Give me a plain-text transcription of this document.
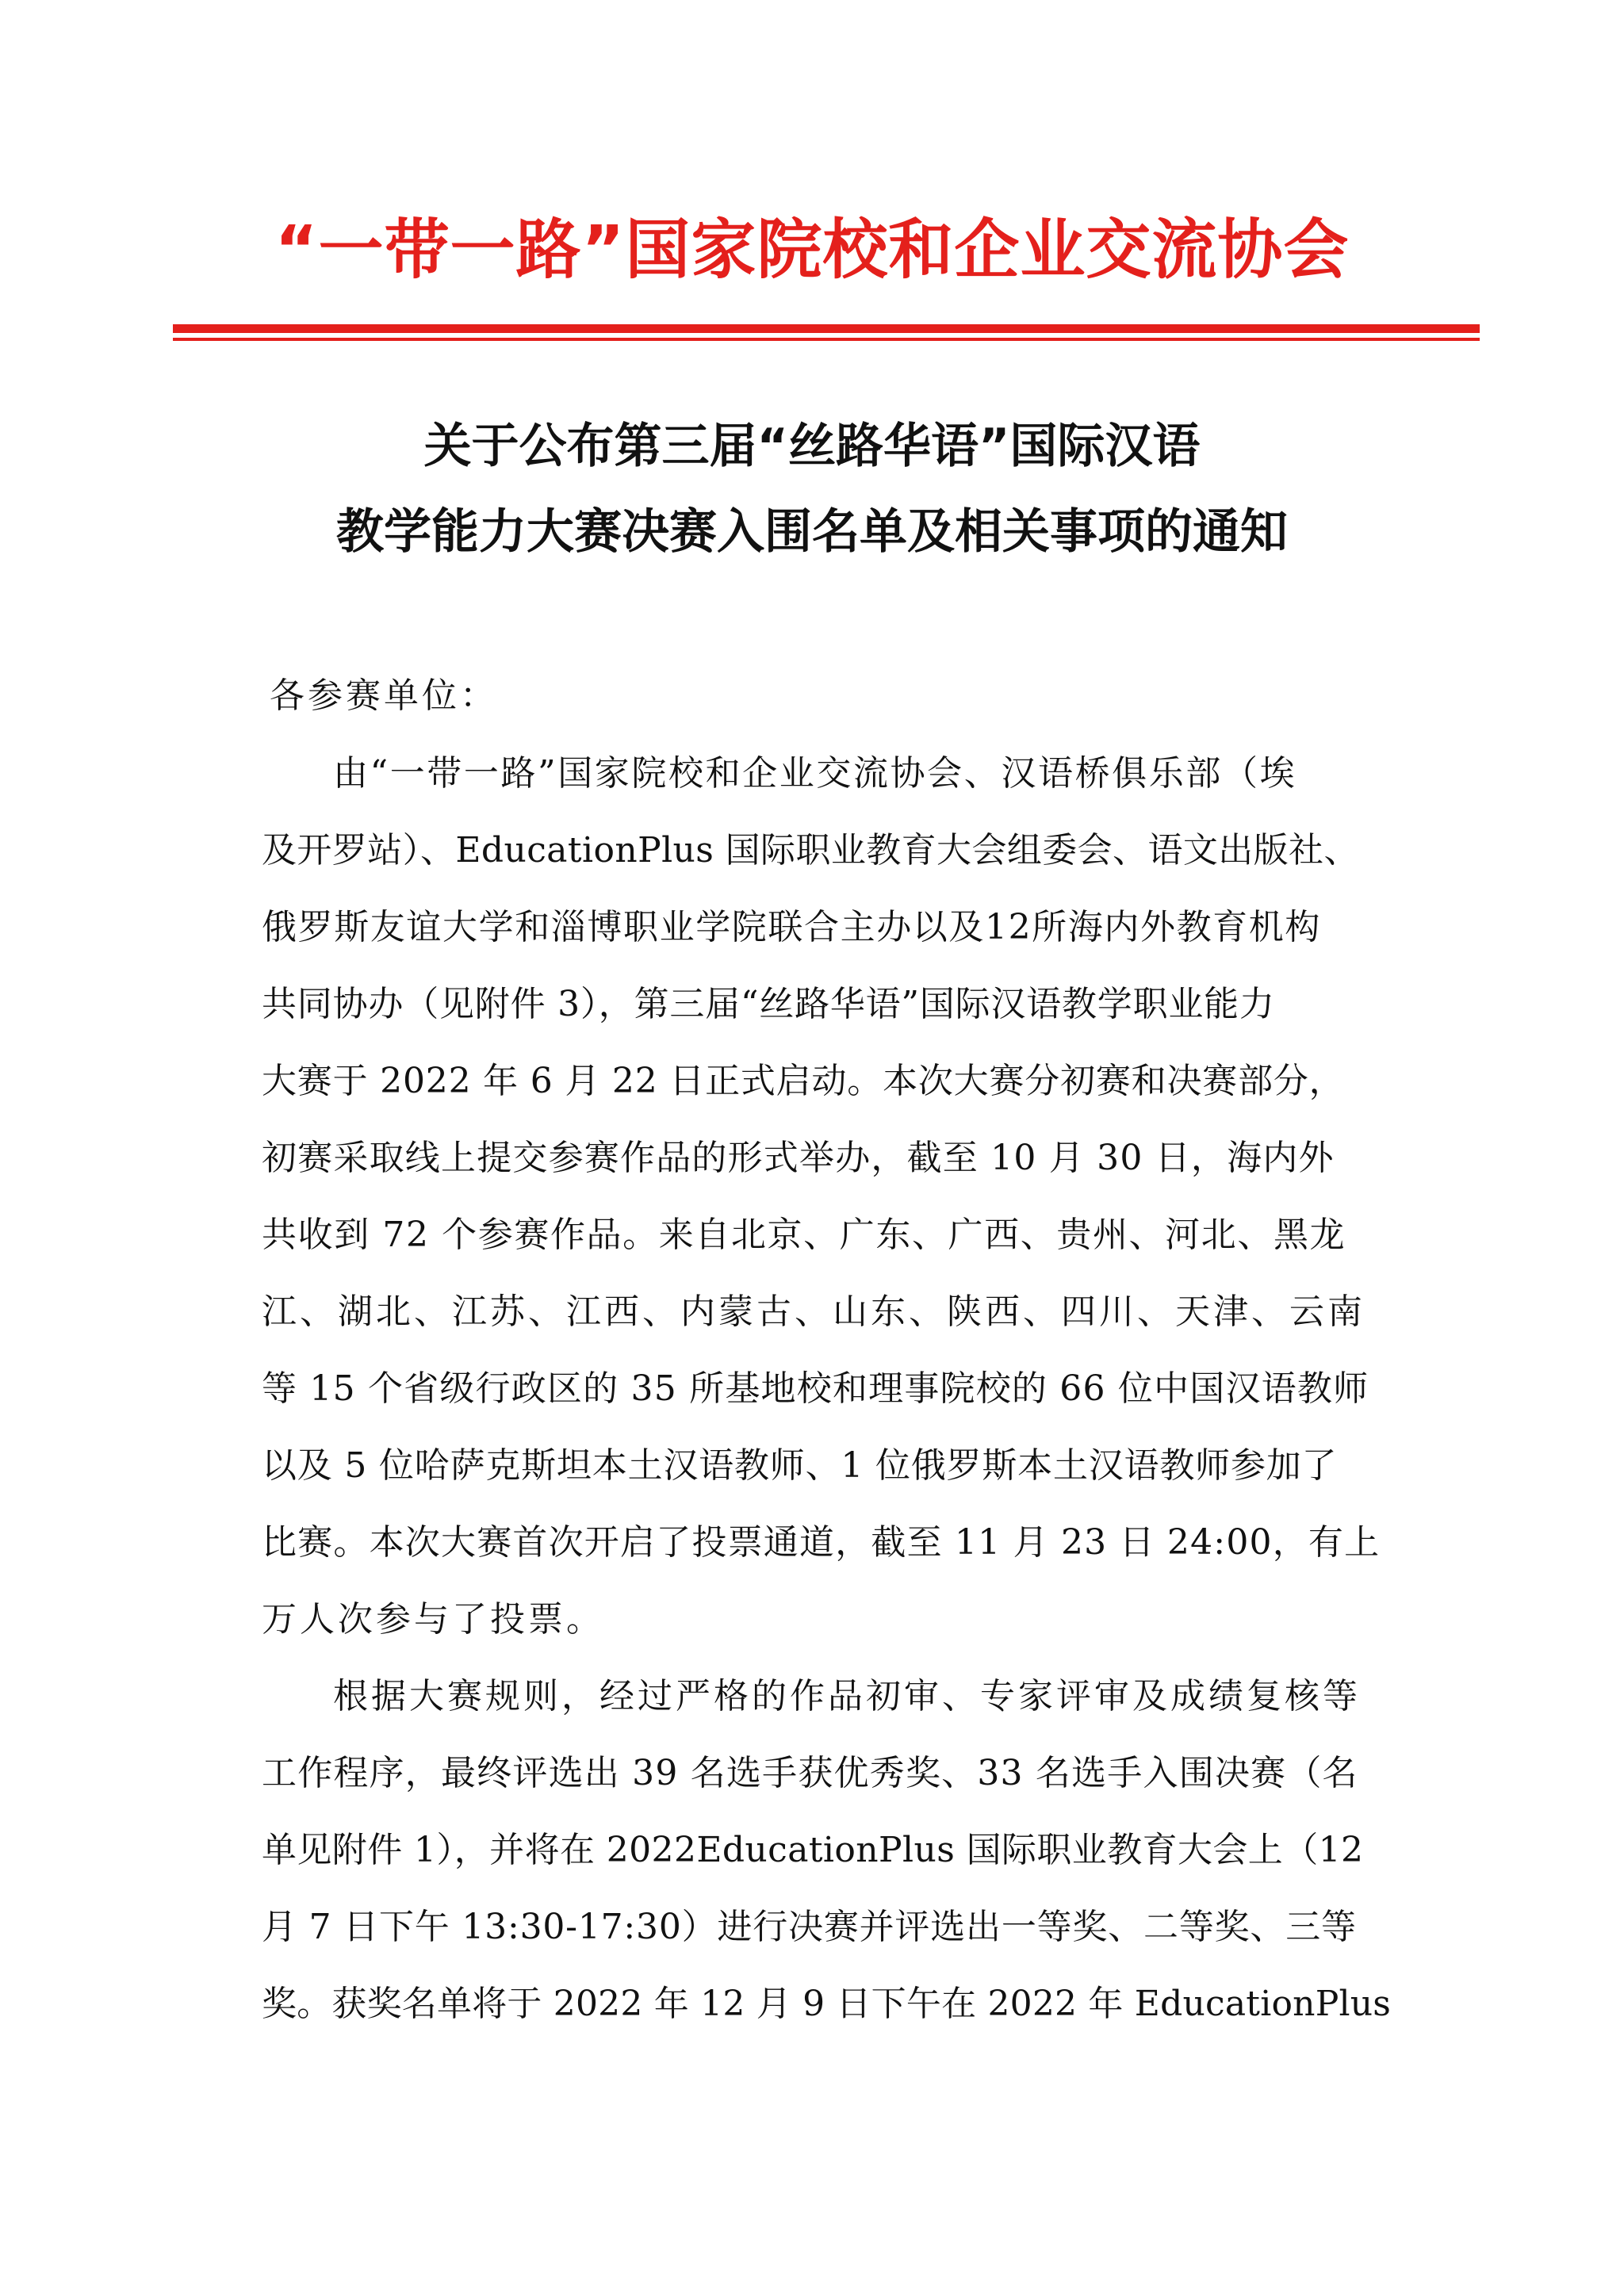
“一带一路”国家院校和企业交流协会
关于公布第三届“丝路华语”国际汉语
教学能力大赛决赛入围名单及相关事项的通知
各参赛单位：
由“一带一路”国家院校和企业交流协会、汉语桥俱乐部（埃
及开罗站）、EducationPlus 国际职业教育大会组委会、语文出版社、
俄罗斯友谊大学和淄博职业学院联合主办以及12所海内外教育机构
共同协办（见附件 3），第三届“丝路华语”国际汉语教学职业能力
大赛于 2022 年 6 月 22 日正式启动。本次大赛分初赛和决赛部分，
初赛采取线上提交参赛作品的形式举办，截至 10 月 30 日，海内外
共收到 72 个参赛作品。来自北京、广东、广西、贵州、河北、黑龙
江、湖北、江苏、江西、内蒙古、山东、陕西、四川、天津、云南
等 15 个省级行政区的 35 所基地校和理事院校的 66 位中国汉语教师
以及 5 位哈萨克斯坦本土汉语教师、1 位俄罗斯本土汉语教师参加了
比赛。本次大赛首次开启了投票通道，截至 11 月 23 日 24:00，有上
万人次参与了投票。
根据大赛规则，经过严格的作品初审、专家评审及成绩复核等
工作程序，最终评选出 39 名选手获优秀奖、33 名选手入围决赛（名
单见附件 1），并将在 2022EducationPlus 国际职业教育大会上（12
月 7 日下午 13:30-17:30）进行决赛并评选出一等奖、二等奖、三等
奖。获奖名单将于 2022 年 12 月 9 日下午在 2022 年 EducationPlus
